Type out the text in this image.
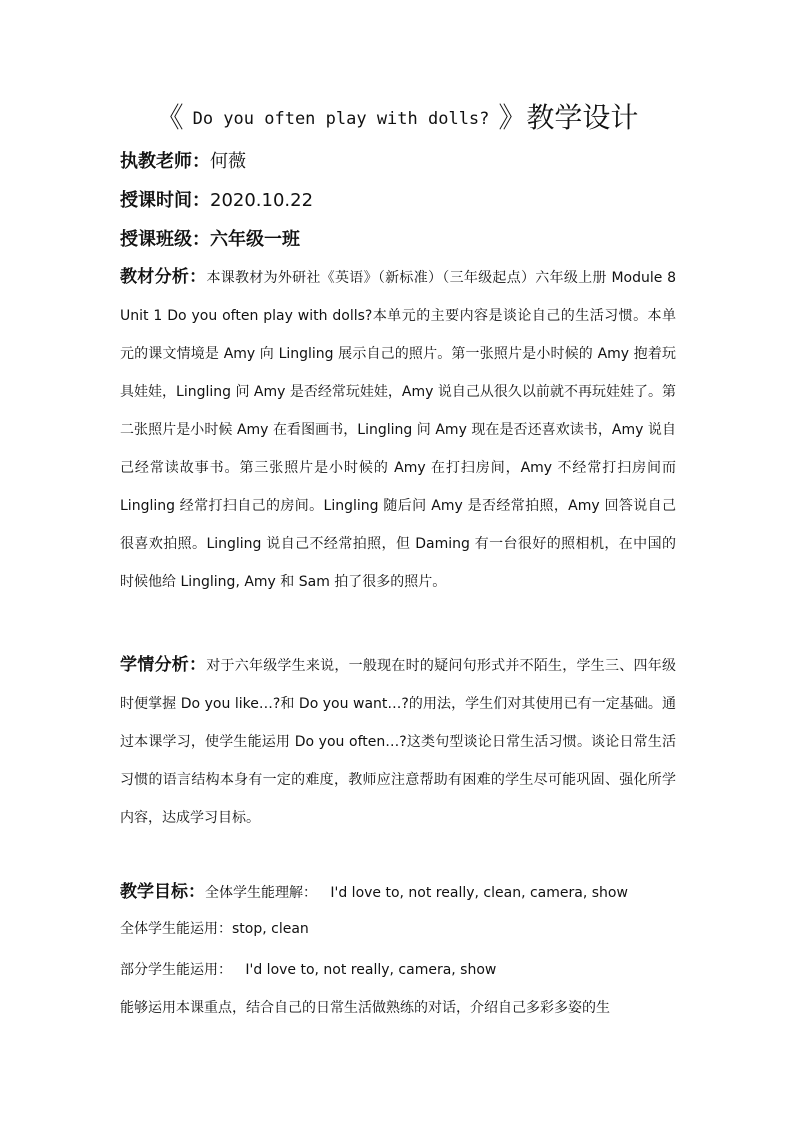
《 Do you often play with dolls? 》教学设计
执教老师：何薇
授课时间：2020.10.22
授课班级：六年级一班
教材分析：本课教材为外研社《英语》（新标准）（三年级起点）六年级上册 Module 8 Unit 1 Do you often play with dolls?本单元的主要内容是谈论自己的生活习惯。本单元的课文情境是 Amy 向 Lingling 展示自己的照片。第一张照片是小时候的 Amy 抱着玩具娃娃，Lingling 问 Amy 是否经常玩娃娃，Amy 说自己从很久以前就不再玩娃娃了。第二张照片是小时候 Amy 在看图画书，Lingling 问 Amy 现在是否还喜欢读书，Amy 说自己经常读故事书。第三张照片是小时候的 Amy 在打扫房间，Amy 不经常打扫房间而 Lingling 经常打扫自己的房间。Lingling 随后问 Amy 是否经常拍照，Amy 回答说自己很喜欢拍照。Lingling 说自己不经常拍照，但 Daming 有一台很好的照相机，在中国的时候他给 Lingling, Amy 和 Sam 拍了很多的照片。
学情分析：对于六年级学生来说，一般现在时的疑问句形式并不陌生，学生三、四年级时便掌握 Do you like…?和 Do you want…?的用法，学生们对其使用已有一定基础。通过本课学习，使学生能运用 Do you often…?这类句型谈论日常生活习惯。谈论日常生活习惯的语言结构本身有一定的难度，教师应注意帮助有困难的学生尽可能巩固、强化所学内容，达成学习目标。
教学目标：全体学生能理解： I'd love to, not really, clean, camera, show
全体学生能运用：stop, clean
部分学生能运用： I'd love to, not really, camera, show
能够运用本课重点，结合自己的日常生活做熟练的对话，介绍自己多彩多姿的生
